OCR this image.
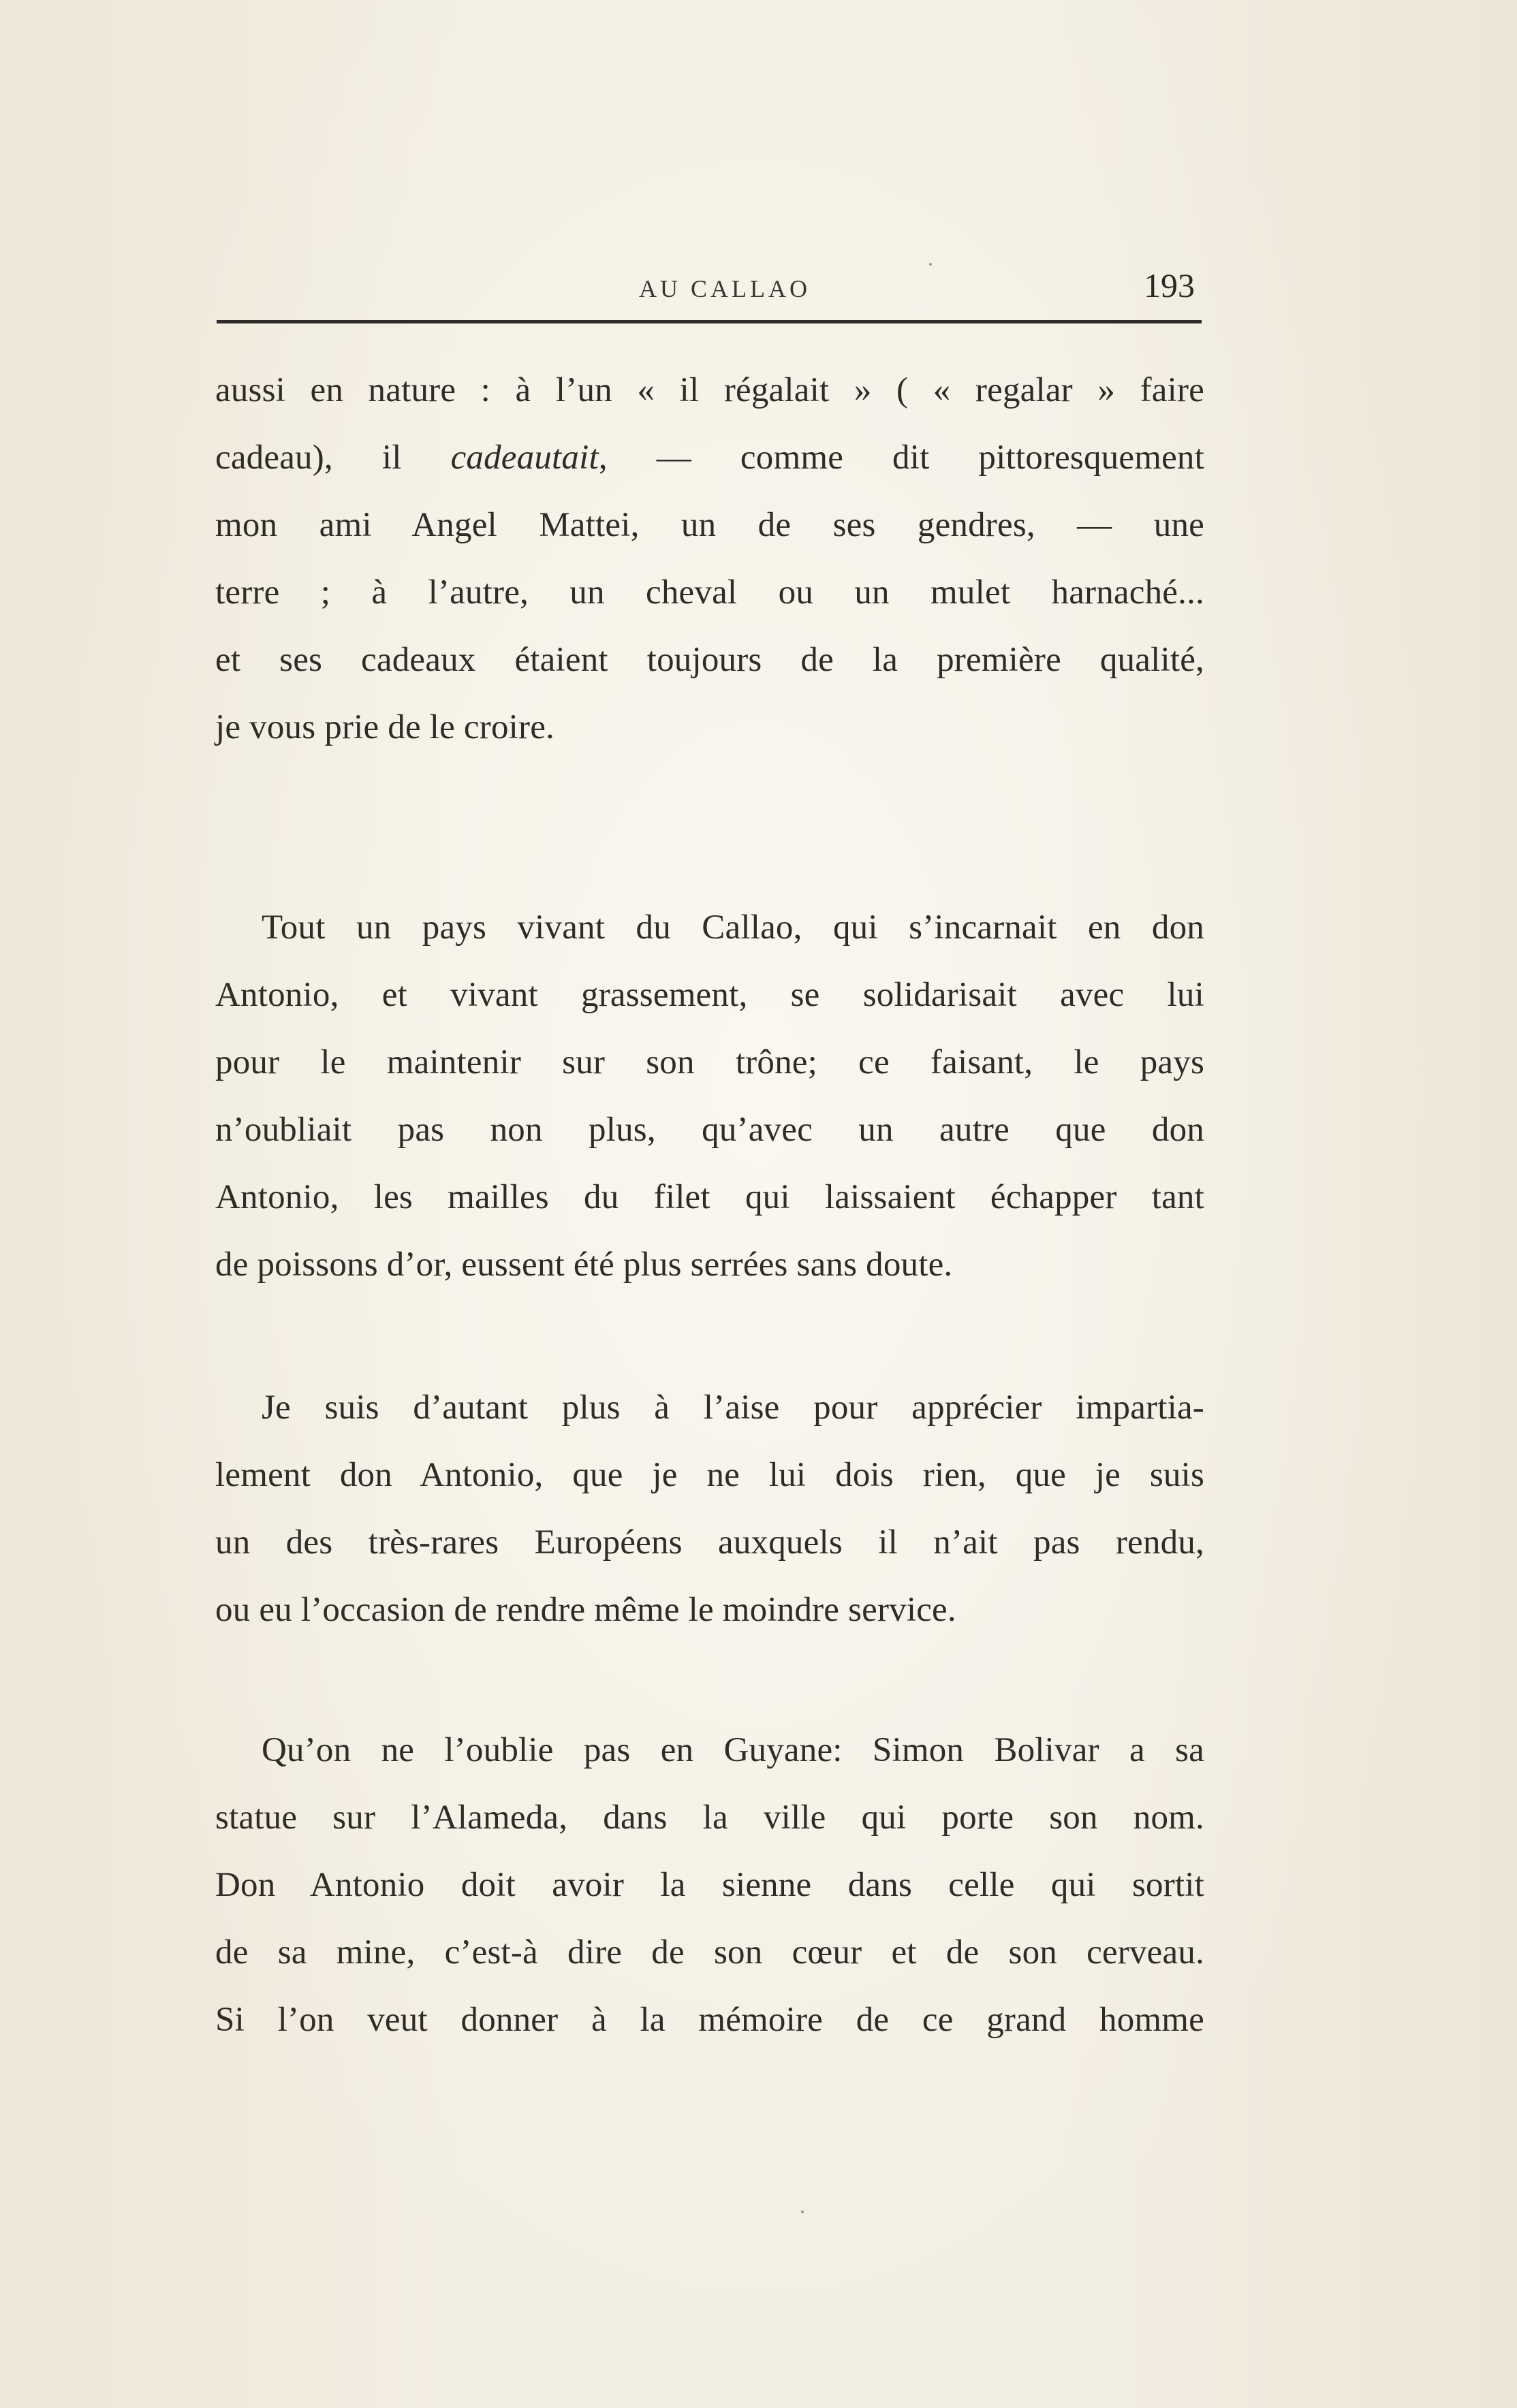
AU CALLAO	193
aussi en nature : à l’un « il régalait » ( « regalar » faire
cadeau), il cadeautait, — comme dit pittoresquement
mon ami Angel Mattei, un de ses gendres, — une
terre ; à l’autre, un cheval ou un mulet harnaché...
et ses cadeaux étaient toujours de la première qualité,
je vous prie de le croire.
Tout un pays vivant du Callao, qui s’incarnait en don
Antonio, et vivant grassement, se solidarisait avec lui
pour le maintenir sur son trône; ce faisant, le pays
n’oubliait pas non plus, qu’avec un autre que don
Antonio, les mailles du filet qui laissaient échapper tant
de poissons d’or, eussent été plus serrées sans doute.
Je suis d’autant plus à l’aise pour apprécier impartia-
lement don Antonio, que je ne lui dois rien, que je suis
un des très-rares Européens auxquels il n’ait pas rendu,
ou eu l’occasion de rendre même le moindre service.
Qu’on ne l’oublie pas en Guyane: Simon Bolivar a sa
statue sur l’Alameda, dans la ville qui porte son nom.
Don Antonio doit avoir la sienne dans celle qui sortit
de sa mine, c’est-à dire de son cœur et de son cerveau.
Si l’on veut donner à la mémoire de ce grand homme
